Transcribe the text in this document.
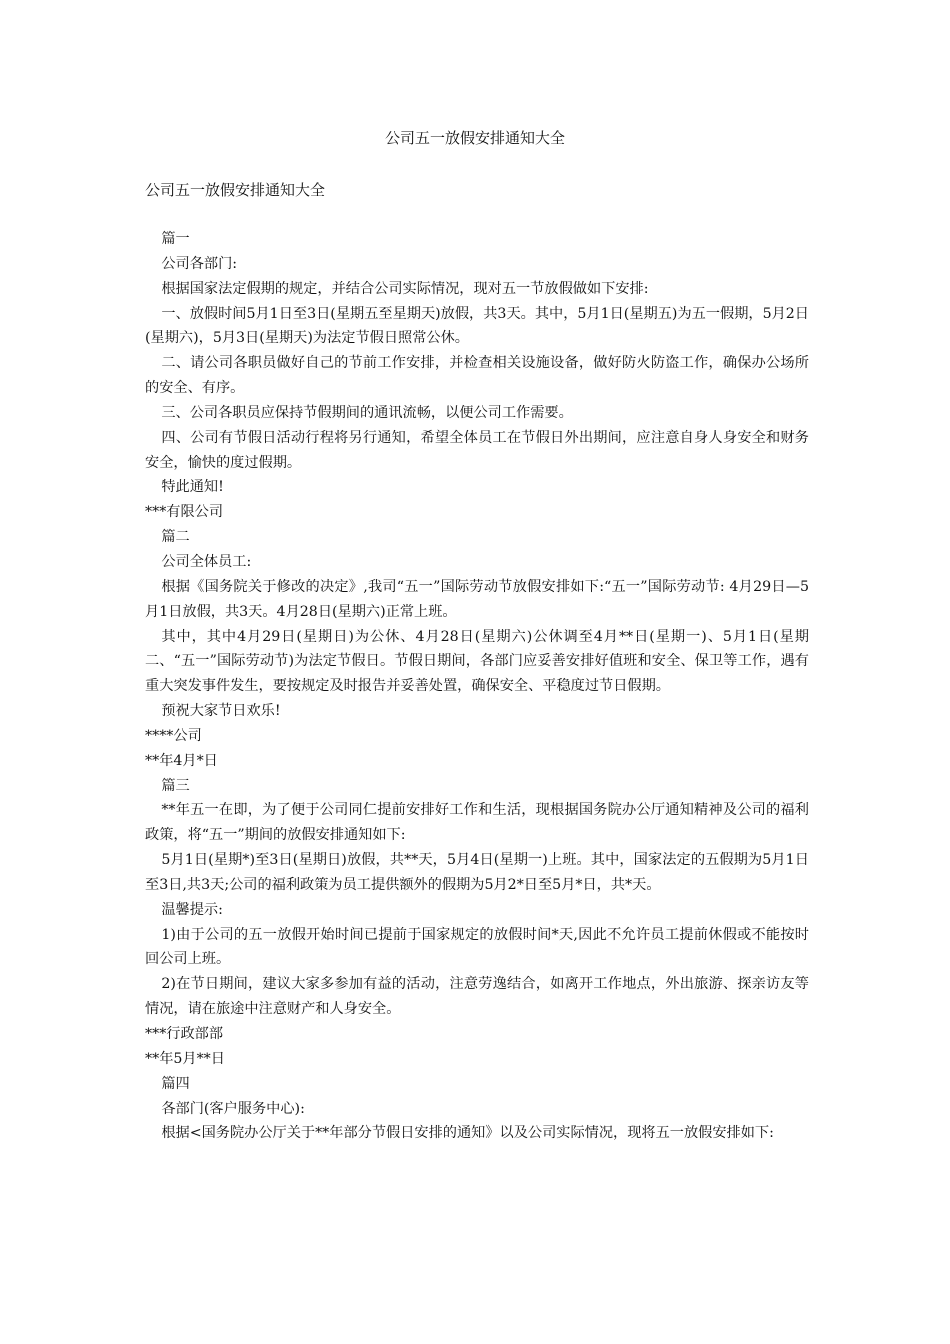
公司五一放假安排通知大全

公司五一放假安排通知大全

篇一

公司各部门:

根据国家法定假期的规定，并结合公司实际情况，现对五一节放假做如下安排:

一、放假时间5月1日至3日(星期五至星期天)放假，共3天。其中，5月1日(星期五)为五一假期，5月2日(星期六)，5月3日(星期天)为法定节假日照常公休。

二、请公司各职员做好自己的节前工作安排，并检查相关设施设备，做好防火防盗工作，确保办公场所的安全、有序。

三、公司各职员应保持节假期间的通讯流畅，以便公司工作需要。

四、公司有节假日活动行程将另行通知，希望全体员工在节假日外出期间，应注意自身人身安全和财务安全，愉快的度过假期。

特此通知!

***有限公司

篇二

公司全体员工:

根据《国务院关于修改的决定》,我司“五一”国际劳动节放假安排如下:“五一”国际劳动节: 4月29日—5月1日放假，共3天。4月28日(星期六)正常上班。

其中，其中4月29日(星期日)为公休、4月28日(星期六)公休调至4月**日(星期一)、5月1日(星期二、“五一”国际劳动节)为法定节假日。节假日期间，各部门应妥善安排好值班和安全、保卫等工作，遇有重大突发事件发生，要按规定及时报告并妥善处置，确保安全、平稳度过节日假期。

预祝大家节日欢乐!

****公司

**年4月*日

篇三

**年五一在即，为了便于公司同仁提前安排好工作和生活，现根据国务院办公厅通知精神及公司的福利政策，将“五一”期间的放假安排通知如下:

5月1日(星期*)至3日(星期日)放假，共**天，5月4日(星期一)上班。其中，国家法定的五假期为5月1日至3日,共3天;公司的福利政策为员工提供额外的假期为5月2*日至5月*日，共*天。

温馨提示:

1)由于公司的五一放假开始时间已提前于国家规定的放假时间*天,因此不允许员工提前休假或不能按时回公司上班。

2)在节日期间，建议大家多参加有益的活动，注意劳逸结合，如离开工作地点，外出旅游、探亲访友等情况，请在旅途中注意财产和人身安全。

***行政部部

**年5月**日

篇四

各部门(客户服务中心):

根据<国务院办公厅关于**年部分节假日安排的通知》以及公司实际情况，现将五一放假安排如下:
